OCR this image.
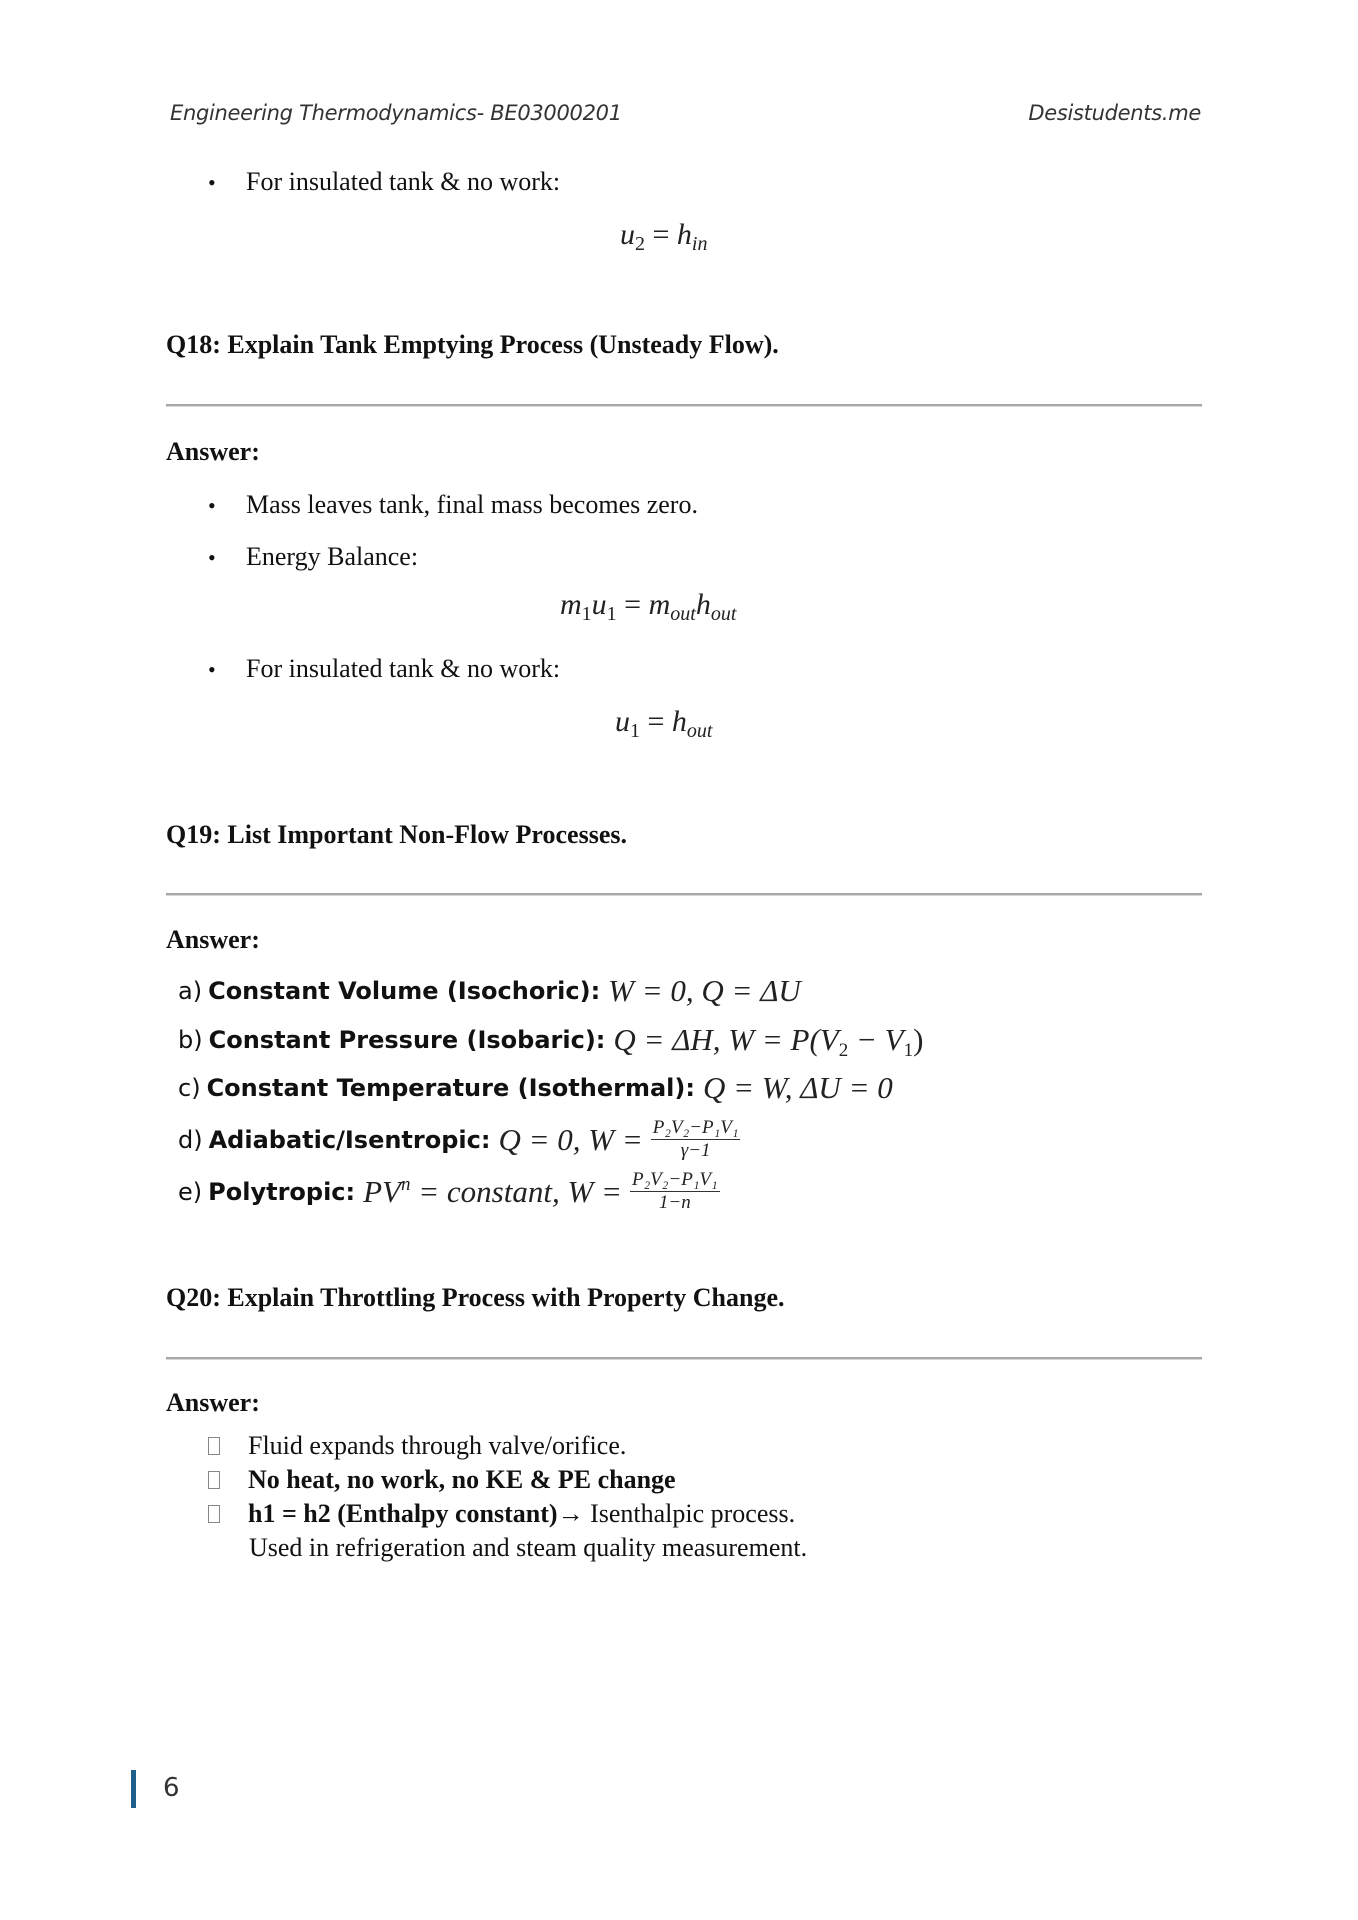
Engineering Thermodynamics- BE03000201	Desistudents.me
• For insulated tank & no work:
$u_2 = h_{in}$
Q18: Explain Tank Emptying Process (Unsteady Flow).
Answer:
• Mass leaves tank, final mass becomes zero.
• Energy Balance:
$m_1u_1 = m_{out}h_{out}$
• For insulated tank & no work:
$u_1 = h_{out}$
Q19: List Important Non-Flow Processes.
Answer:
a) Constant Volume (Isochoric): W = 0, Q = ΔU
b) Constant Pressure (Isobaric): Q = ΔH, $W = P(V_2 - V_1)$
c) Constant Temperature (Isothermal): Q = W, ΔU = 0
d) Adiabatic/Isentropic: Q = 0, $W = \frac{\text{P₂V₂−P₁V₁}}{\gamma-1}$
e) Polytropic: $PV^n$ = constant, $W = \frac{\text{P₂V₂−P₁V₁}}{1-n}$
Q20: Explain Throttling Process with Property Change.
Answer:
Fluid expands through valve/orifice.
No heat, no work, no KE & PE change
h1 = h2 (Enthalpy constant) → Isenthalpic process.
Used in refrigeration and steam quality measurement.
6
